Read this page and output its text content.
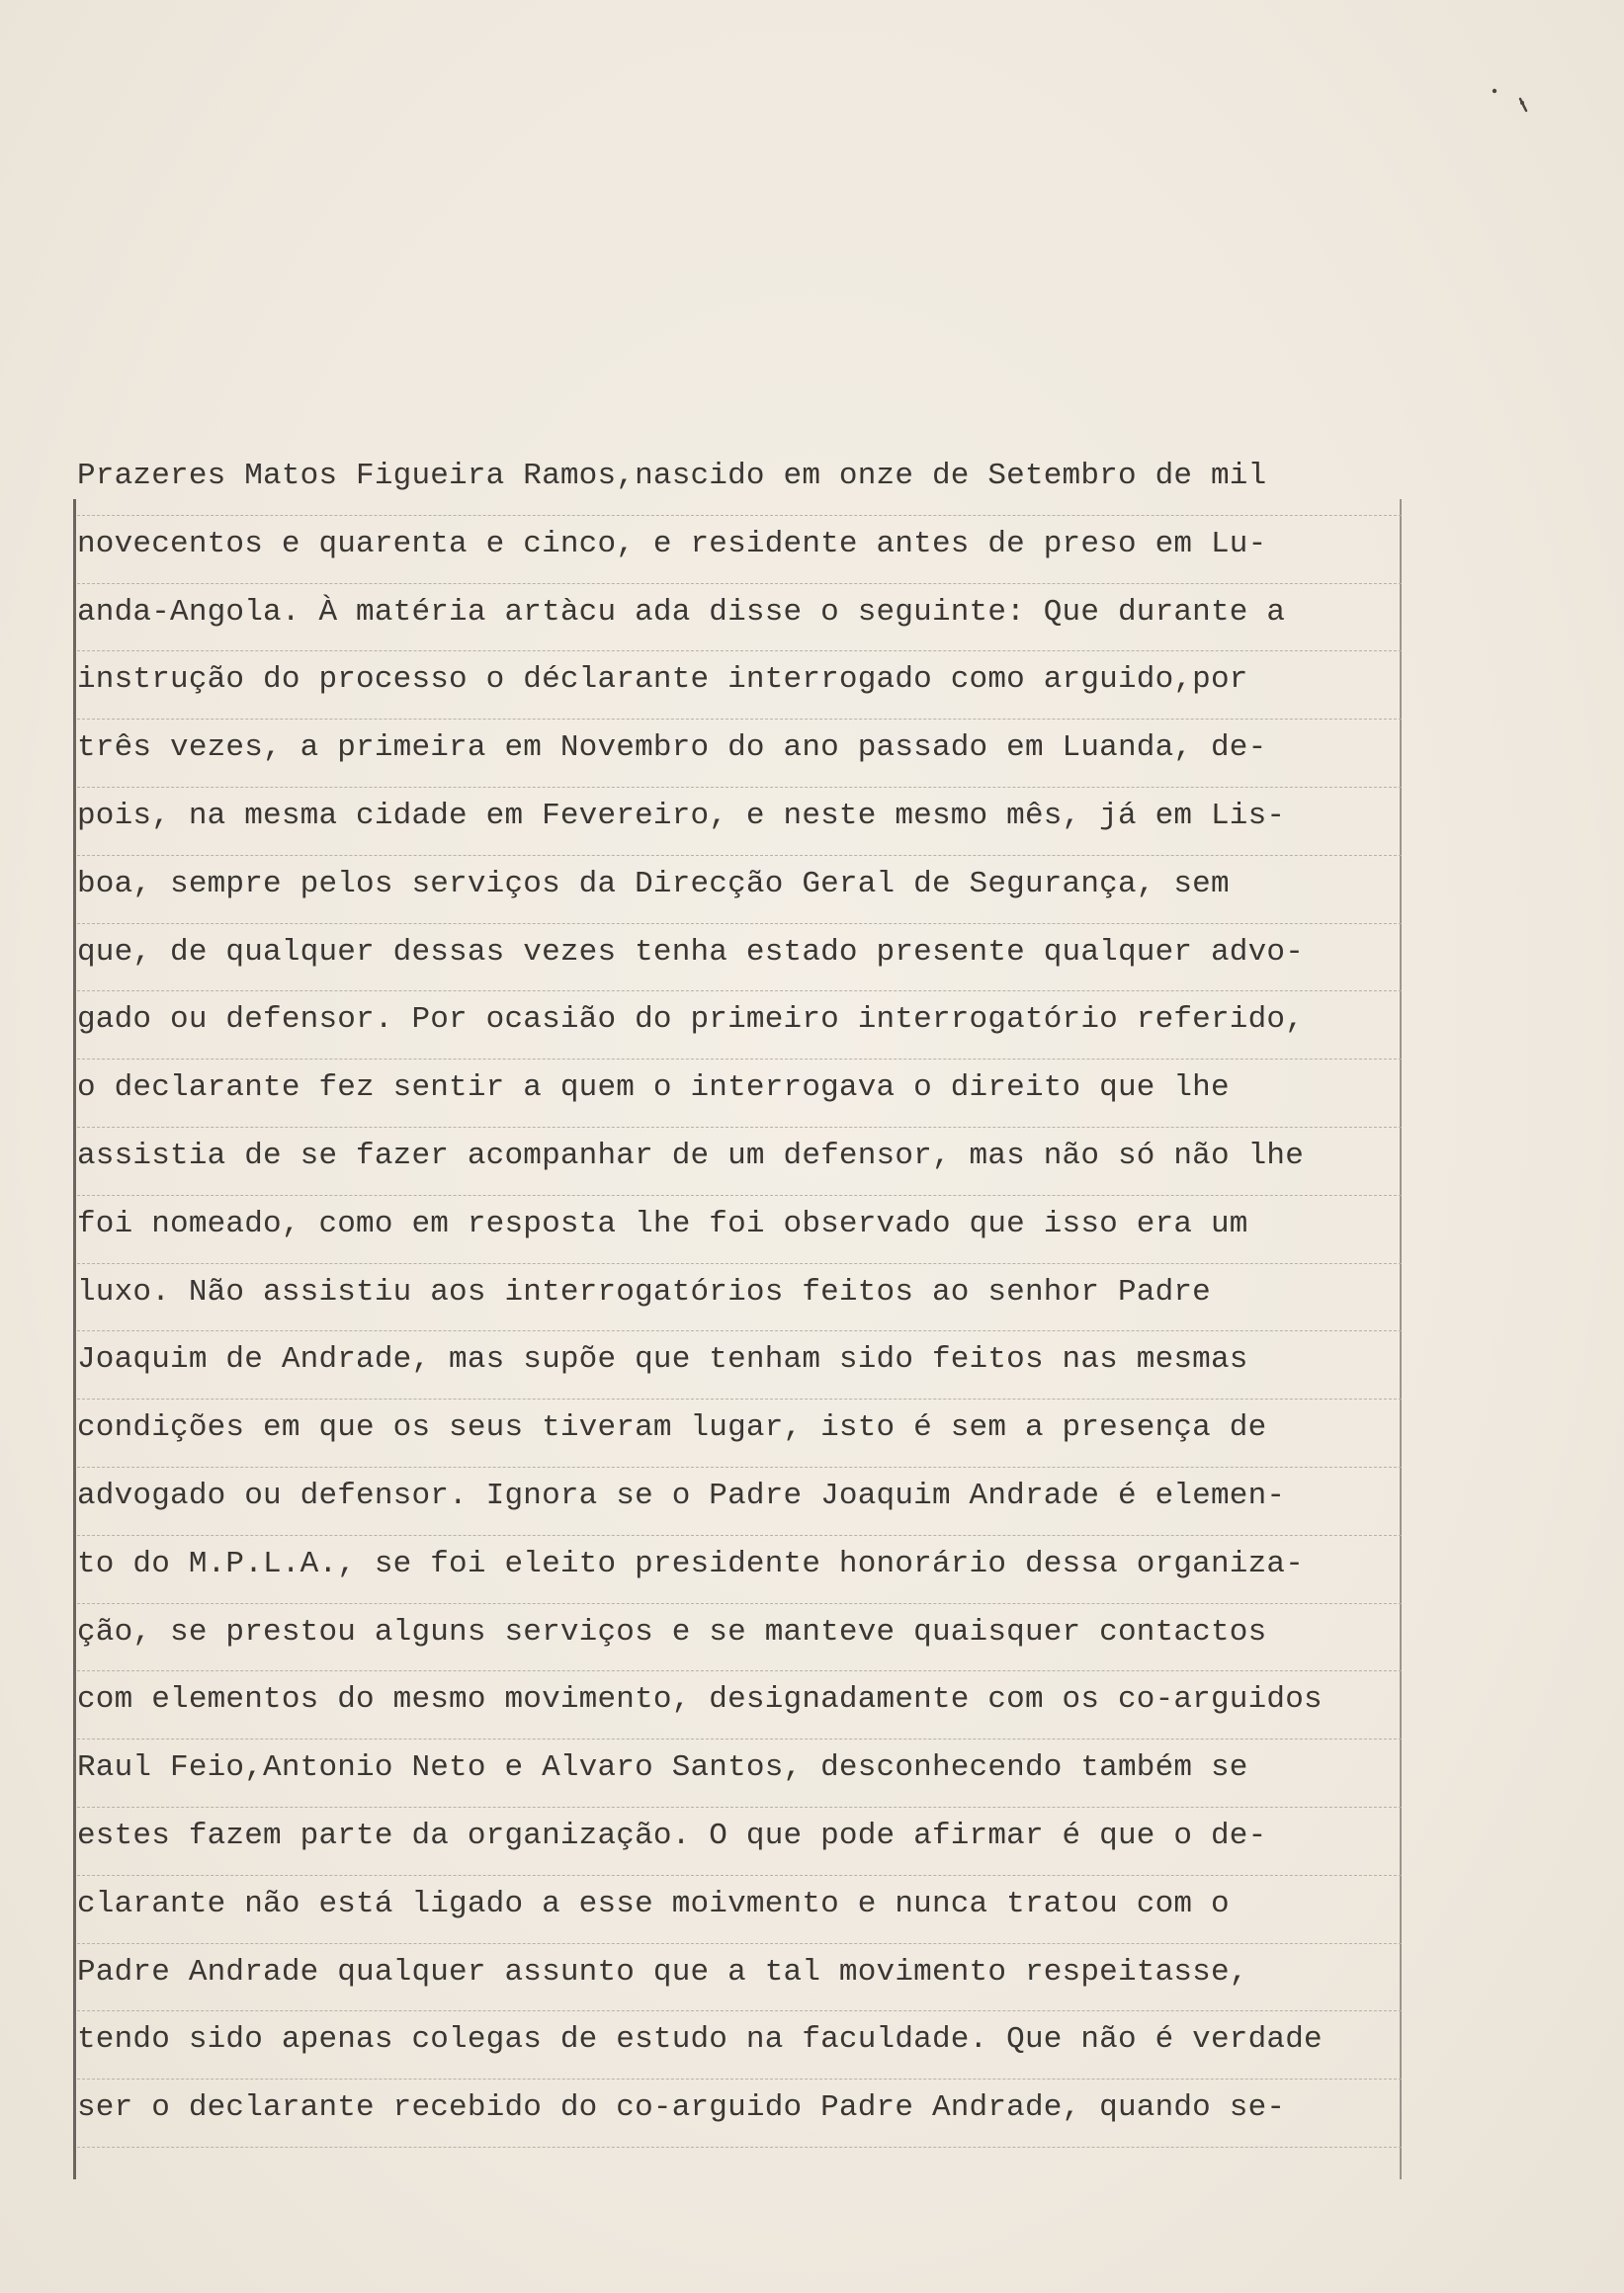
Prazeres Matos Figueira Ramos,nascido em onze de Setembro de mil
novecentos e quarenta e cinco, e residente antes de preso em Lu-
anda-Angola. À matéria artàcu ada disse o seguinte: Que durante a
instrução do processo o déclarante interrogado como arguido,por
três vezes, a primeira em Novembro do ano passado em Luanda, de-
pois, na mesma cidade em Fevereiro, e neste mesmo mês, já em Lis-
boa, sempre pelos serviços da Direcção Geral de Segurança, sem
que, de qualquer dessas vezes tenha estado presente qualquer advo-
gado ou defensor. Por ocasião do primeiro interrogatório referido,
o declarante fez sentir a quem o interrogava o direito que lhe
assistia de se fazer acompanhar de um defensor, mas não só não lhe
foi nomeado, como em resposta lhe foi observado que isso era um
luxo. Não assistiu aos interrogatórios feitos ao senhor Padre
Joaquim de Andrade, mas supõe que tenham sido feitos nas mesmas
condições em que os seus tiveram lugar, isto é sem a presença de
advogado ou defensor. Ignora se o Padre Joaquim Andrade é elemen-
to do M.P.L.A., se foi eleito presidente honorário dessa organiza-
ção, se prestou alguns serviços e se manteve quaisquer contactos
com elementos do mesmo movimento, designadamente com os co-arguidos
Raul Feio,Antonio Neto e Alvaro Santos, desconhecendo também se
estes fazem parte da organização. O que pode afirmar é que o de-
clarante não está ligado a esse moivmento e nunca tratou com o
Padre Andrade qualquer assunto que a tal movimento respeitasse,
tendo sido apenas colegas de estudo na faculdade. Que não é verdade
ser o declarante recebido do co-arguido Padre Andrade, quando se-
